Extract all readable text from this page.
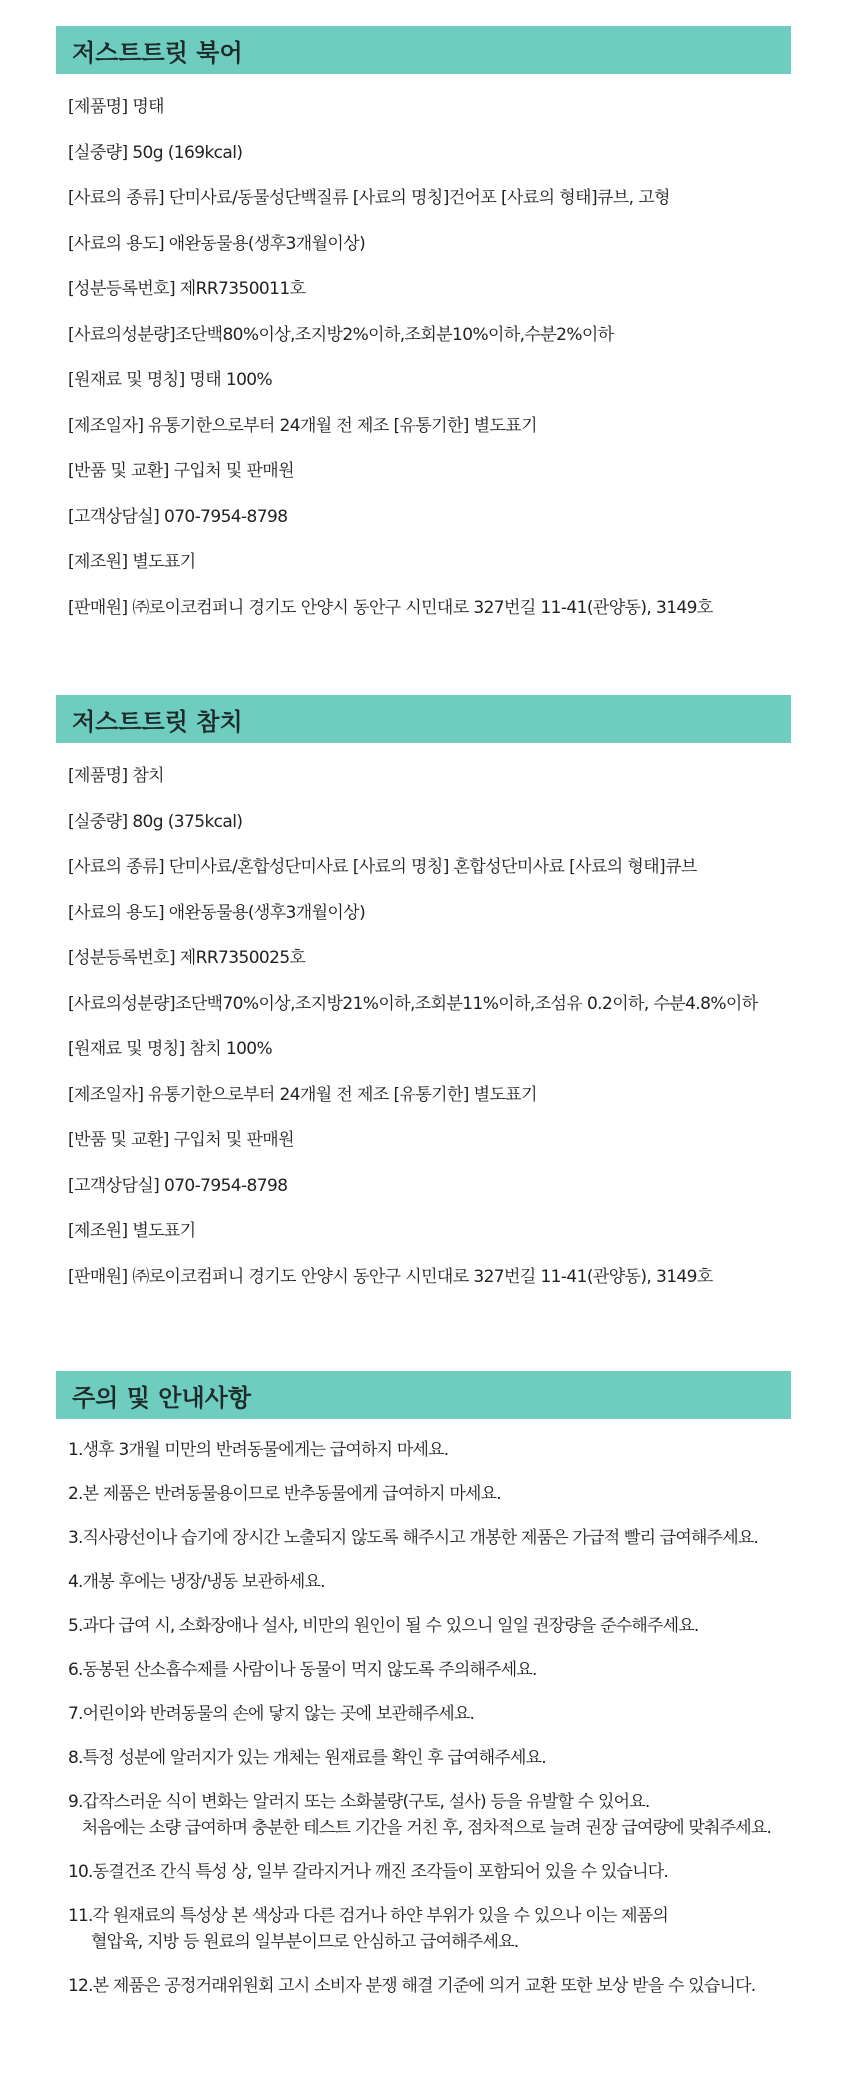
저스트트릿 북어
[제품명] 명태
[실중량] 50g (169kcal)
[사료의 종류] 단미사료/동물성단백질류 [사료의 명칭]건어포 [사료의 형태]큐브, 고형
[사료의 용도] 애완동물용(생후3개월이상)
[성분등록번호] 제RR7350011호
[사료의성분량]조단백80%이상,조지방2%이하,조회분10%이하,수분2%이하
[원재료 및 명칭] 명태 100%
[제조일자] 유통기한으로부터 24개월 전 제조 [유통기한] 별도표기
[반품 및 교환] 구입처 및 판매원
[고객상담실] 070-7954-8798
[제조원] 별도표기
[판매원] ㈜로이코컴퍼니 경기도 안양시 동안구 시민대로 327번길 11-41(관양동), 3149호
저스트트릿 참치
[제품명] 참치
[실중량] 80g (375kcal)
[사료의 종류] 단미사료/혼합성단미사료 [사료의 명칭] 혼합성단미사료 [사료의 형태]큐브
[사료의 용도] 애완동물용(생후3개월이상)
[성분등록번호] 제RR7350025호
[사료의성분량]조단백70%이상,조지방21%이하,조회분11%이하,조섬유 0.2이하, 수분4.8%이하
[원재료 및 명칭] 참치 100%
[제조일자] 유통기한으로부터 24개월 전 제조 [유통기한] 별도표기
[반품 및 교환] 구입처 및 판매원
[고객상담실] 070-7954-8798
[제조원] 별도표기
[판매원] ㈜로이코컴퍼니 경기도 안양시 동안구 시민대로 327번길 11-41(관양동), 3149호
주의 및 안내사항
1.생후 3개월 미만의 반려동물에게는 급여하지 마세요.
2.본 제품은 반려동물용이므로 반추동물에게 급여하지 마세요.
3.직사광선이나 습기에 장시간 노출되지 않도록 해주시고 개봉한 제품은 가급적 빨리 급여해주세요.
4.개봉 후에는 냉장/냉동 보관하세요.
5.과다 급여 시, 소화장애나 설사, 비만의 원인이 될 수 있으니 일일 권장량을 준수해주세요.
6.동봉된 산소흡수제를 사람이나 동물이 먹지 않도록 주의해주세요.
7.어린이와 반려동물의 손에 닿지 않는 곳에 보관해주세요.
8.특정 성분에 알러지가 있는 개체는 원재료를 확인 후 급여해주세요.
9.갑작스러운 식이 변화는 알러지 또는 소화불량(구토, 설사) 등을 유발할 수 있어요.
처음에는 소량 급여하며 충분한 테스트 기간을 거친 후, 점차적으로 늘려 권장 급여량에 맞춰주세요.
10.동결건조 간식 특성 상, 일부 갈라지거나 깨진 조각들이 포함되어 있을 수 있습니다.
11.각 원재료의 특성상 본 색상과 다른 검거나 하얀 부위가 있을 수 있으나 이는 제품의
혈압육, 지방 등 원료의 일부분이므로 안심하고 급여해주세요.
12.본 제품은 공정거래위원회 고시 소비자 분쟁 해결 기준에 의거 교환 또한 보상 받을 수 있습니다.
